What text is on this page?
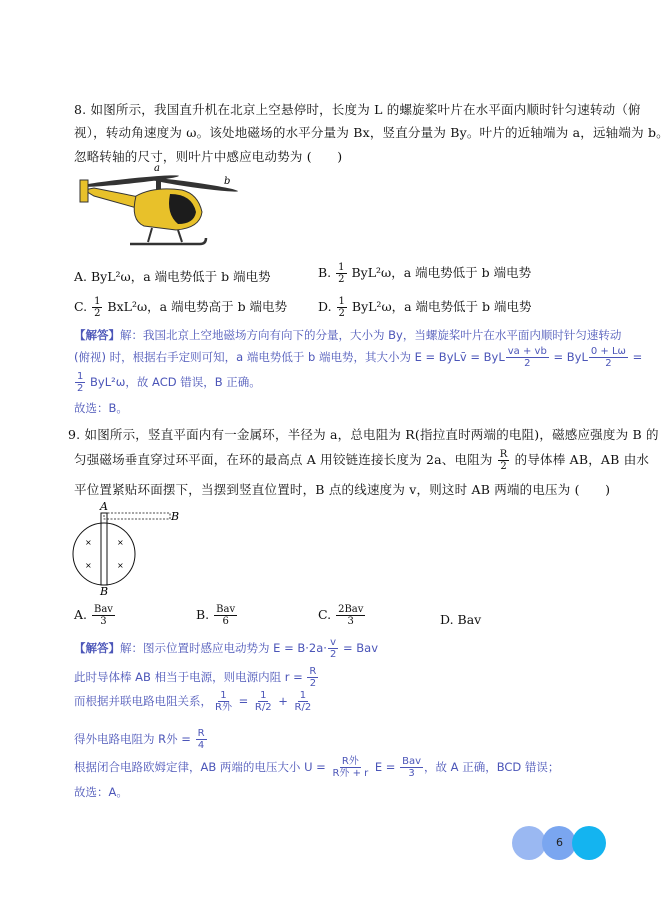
8. 如图所示，我国直升机在北京上空悬停时，长度为 L 的螺旋桨叶片在水平面内顺时针匀速转动（俯
视），转动角速度为 ω。该处地磁场的水平分量为 Bx，竖直分量为 By。叶片的近轴端为 a，远轴端为 b。
忽略转轴的尺寸，则叶片中感应电动势为 (　　)
a
b
A. ByL²ω，a 端电势低于 b 端电势	B. $\frac{1}{2} ByL^2\omega$，a 端电势低于 b 端电势
C. $\frac{1}{2} BxL^2\omega$，a 端电势高于 b 端电势 D. $\frac{1}{2} ByL^2\omega$，a 端电势低于 b 端电势
【解答】解：我国北京上空地磁场方向有向下的分量，大小为 By，当螺旋桨叶片在水平面内顺时针匀速转动
(俯视) 时，根据右手定则可知，a 端电势低于 b 端电势，其大小为 E = ByLv̄ = ByL $\frac{va + vb}{2}$ = ByL $\frac{0 + L\omega}{2}$ =
$\frac{1}{2} ByL^2\omega$，故 ACD 错误，B 正确。
故选：B。
9. 如图所示，竖直平面内有一金属环，半径为 a，总电阻为 R(指拉直时两端的电阻)，磁感应强度为 B 的
匀强磁场垂直穿过环平面，在环的最高点 A 用铰链连接长度为 2a、电阻为 $\frac{R}{2}$ 的导体棒 AB，AB 由水
平位置紧贴环面摆下，当摆到竖直位置时，B 点的线速度为 v，则这时 AB 两端的电压为 (　　)
A
B
×	×
×	×
B
A. $\frac{\text{Bav}}{3}$	B. $\frac{\text{Bav}}{6}$	C. $\frac{\text{2Bav}}{3}$	D. Bav
【解答】解：图示位置时感应电动势为 $E = B\cdot 2a\cdot \frac{v}{2}$ = Bav
此时导体棒 AB 相当于电源，则电源内阻 $r = \frac{R}{2}$
而根据并联电路电阻关系， $\frac{1}{\text{R外}} = \frac{1}{R/2} + \frac{1}{R/2}$
得外电路电阻为 R外 = $\frac{R}{4}$
根据闭合电路欧姆定律，AB 两端的电压大小 $U = \frac{\text{R外}}{\text{R外 + r}}$ $E = \frac{\text{Bav}}{3}$ ，故 A 正确，BCD 错误；
故选：A。
6
